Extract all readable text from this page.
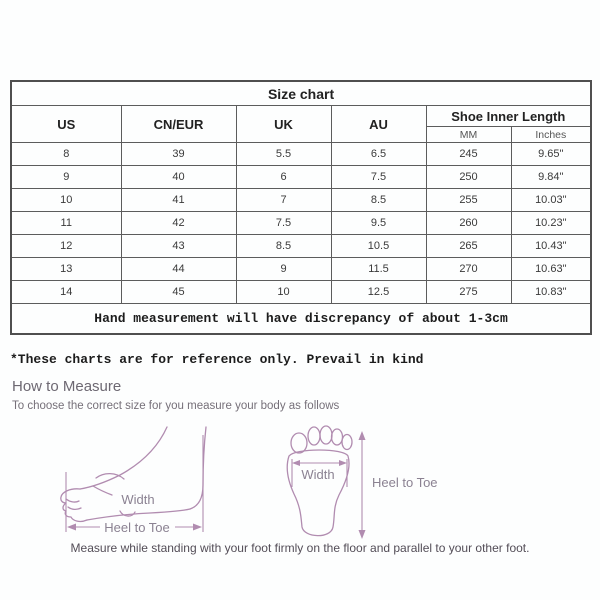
Size chart					
US	CN/EUR	UK	AU	Shoe Inner Length	
				MM	Inches
8	39	5.5	6.5	245	9.65"
9	40	6	7.5	250	9.84"
10	41	7	8.5	255	10.03"
11	42	7.5	9.5	260	10.23"
12	43	8.5	10.5	265	10.43"
13	44	9	11.5	270	10.63"
14	45	10	12.5	275	10.83"
Hand measurement will have discrepancy of about 1-3cm					
*These charts are for reference only. Prevail in kind
How to Measure
To choose the correct size for you measure your body as follows
Width
Heel to Toe
Width
Heel to Toe
Measure while standing with your foot firmly on the floor and parallel to your other foot.
